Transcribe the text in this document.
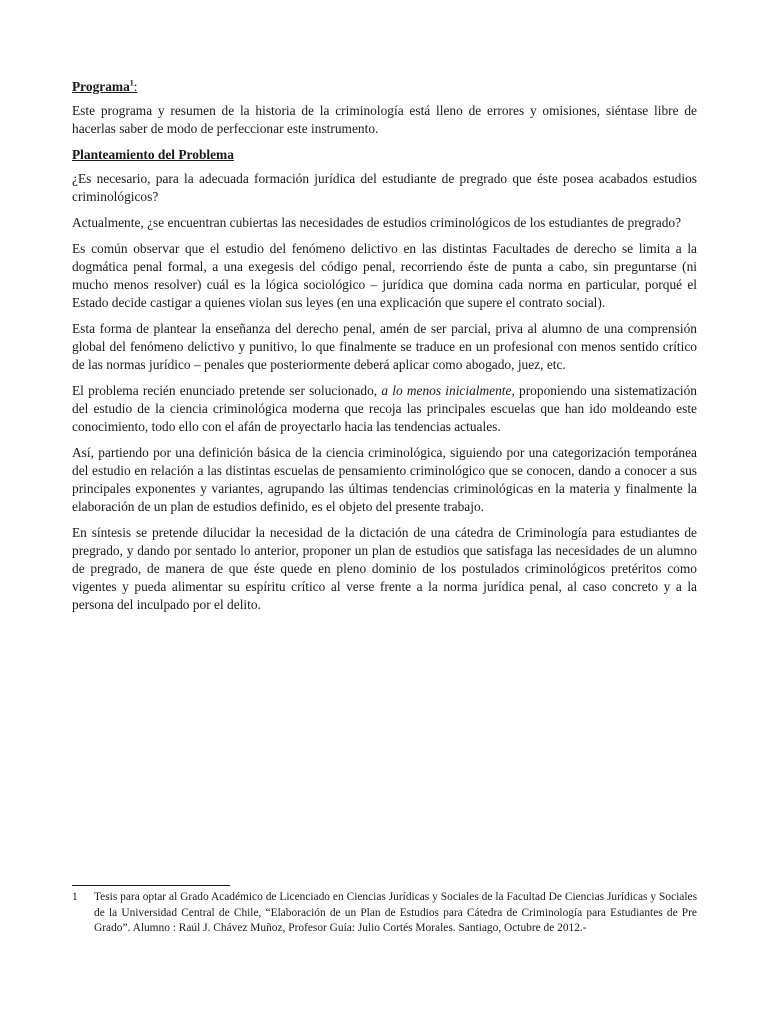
Programa$^1$:

Este programa y resumen de la historia de la criminología está lleno de errores y omisiones, siéntase libre de hacerlas saber de modo de perfeccionar este instrumento.

Planteamiento del Problema

¿Es necesario, para la adecuada formación jurídica del estudiante de pregrado que éste posea acabados estudios criminológicos?

Actualmente, ¿se encuentran cubiertas las necesidades de estudios criminológicos de los estudiantes de pregrado?

Es común observar que el estudio del fenómeno delictivo en las distintas Facultades de derecho se limita a la dogmática penal formal, a una exegesis del código penal, recorriendo éste de punta a cabo, sin preguntarse (ni mucho menos resolver) cuál es la lógica sociológico – jurídica que domina cada norma en particular, porqué el Estado decide castigar a quienes violan sus leyes (en una explicación que supere el contrato social).

Esta forma de plantear la enseñanza del derecho penal, amén de ser parcial, priva al alumno de una comprensión global del fenómeno delictivo y punitivo, lo que finalmente se traduce en un profesional con menos sentido crítico de las normas jurídico – penales que posteriormente deberá aplicar como abogado, juez, etc.

El problema recién enunciado pretende ser solucionado, a lo menos inicialmente, proponiendo una sistematización del estudio de la ciencia criminológica moderna que recoja las principales escuelas que han ido moldeando este conocimiento, todo ello con el afán de proyectarlo hacia las tendencias actuales.

Así, partiendo por una definición básica de la ciencia criminológica, siguiendo por una categorización temporánea del estudio en relación a las distintas escuelas de pensamiento criminológico que se conocen, dando a conocer a sus principales exponentes y variantes, agrupando las últimas tendencias criminológicas en la materia y finalmente la elaboración de un plan de estudios definido, es el objeto del presente trabajo.

En síntesis se pretende dilucidar la necesidad de la dictación de una cátedra de Criminología para estudiantes de pregrado, y dando por sentado lo anterior, proponer un plan de estudios que satisfaga las necesidades de un alumno de pregrado, de manera de que éste quede en pleno dominio de los postulados criminológicos pretéritos como vigentes y pueda alimentar su espíritu crítico al verse frente a la norma jurídica penal, al caso concreto y a la persona del inculpado por el delito.

1	Tesis para optar al Grado Académico de Licenciado en Ciencias Jurídicas y Sociales de la Facultad De Ciencias Jurídicas y Sociales de la Universidad Central de Chile, “Elaboración de un Plan de Estudios para Cátedra de Criminología para Estudiantes de Pre Grado”. Alumno : Raúl J. Chávez Muñoz, Profesor Guía: Julio Cortés Morales. Santiago, Octubre de 2012.-
